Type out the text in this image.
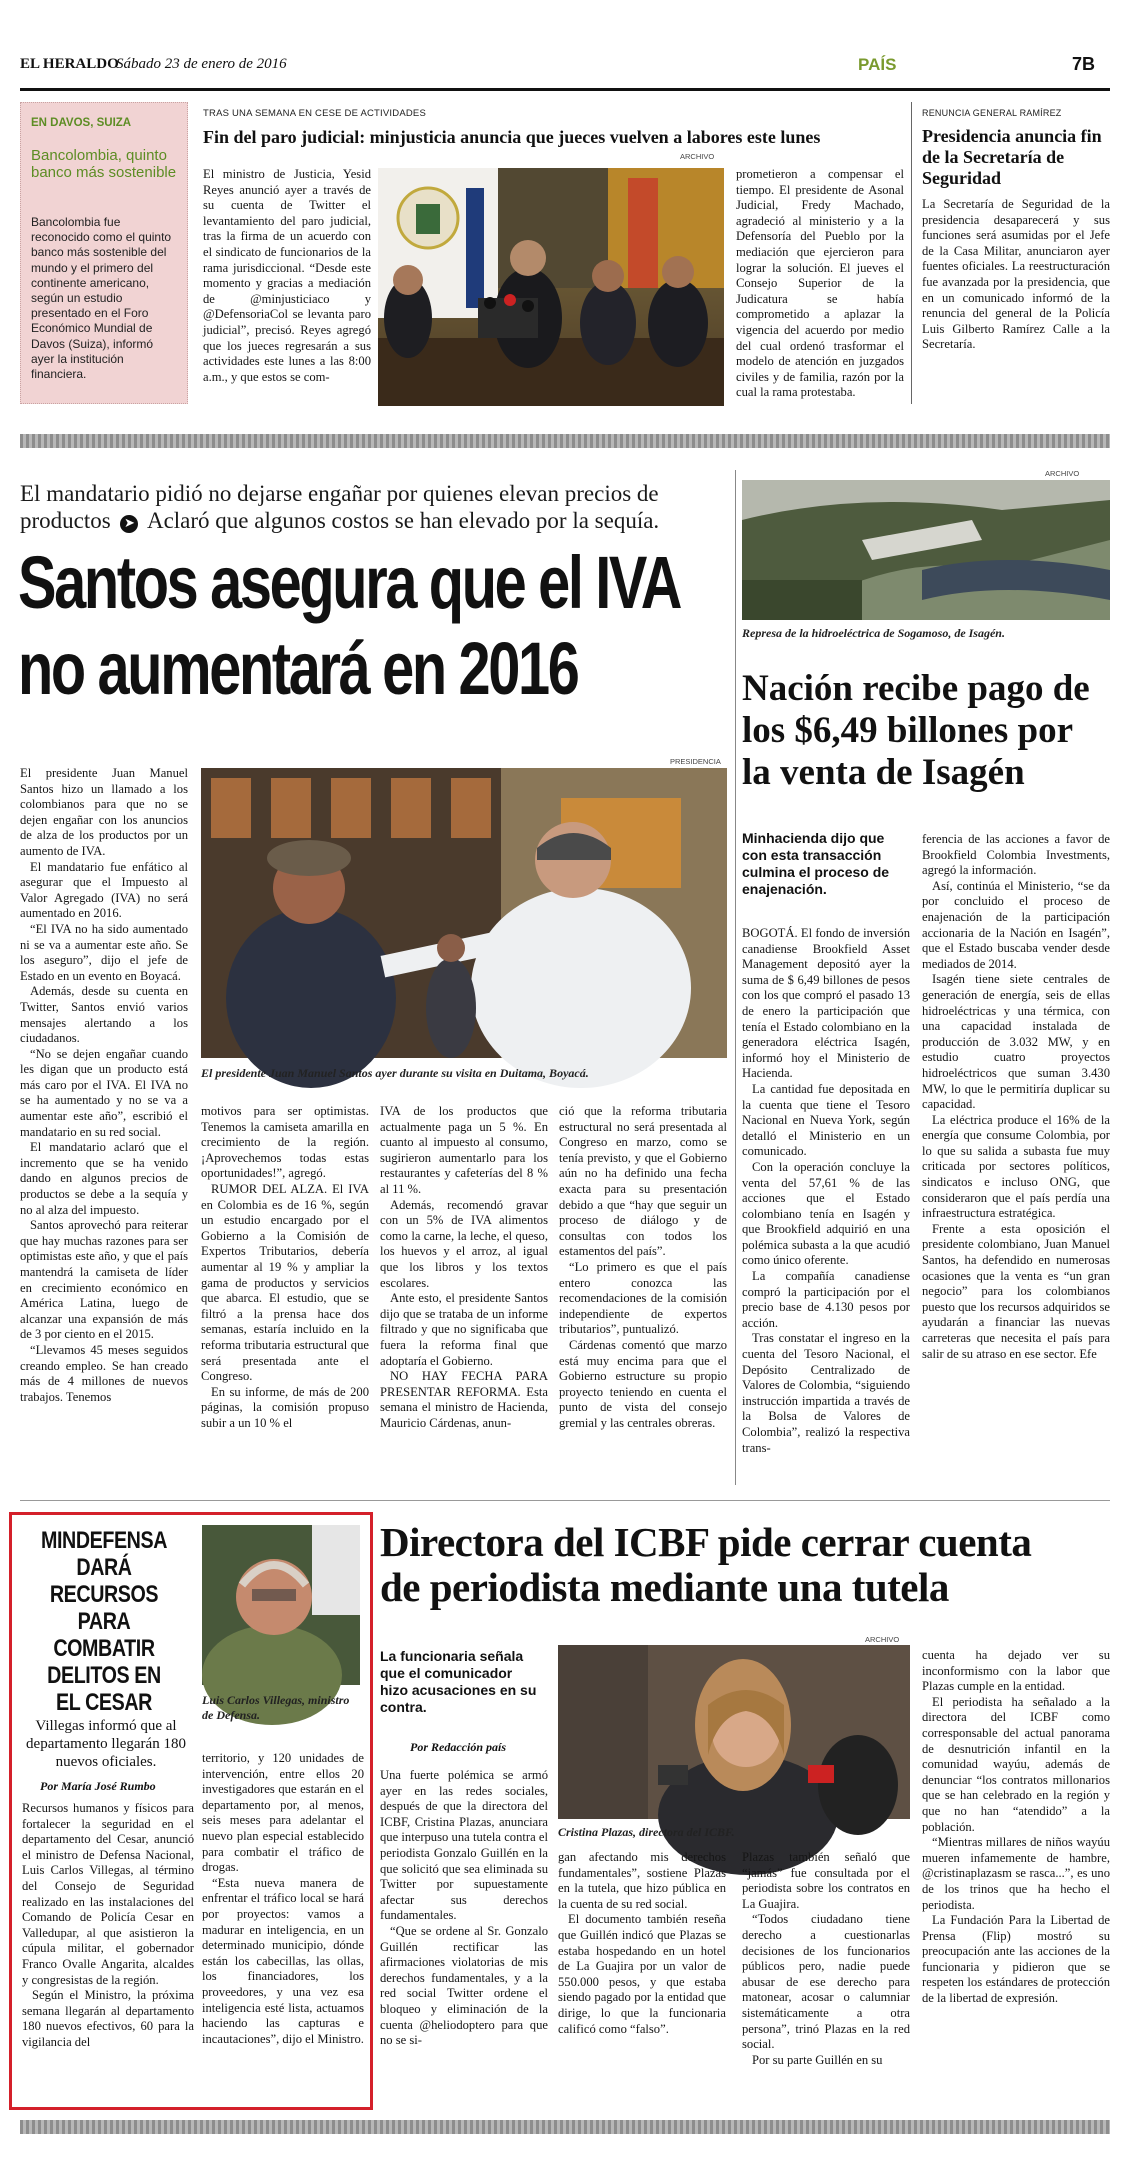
EL HERALDO
Sábado 23 de enero de 2016	PAÍS	7B
EN DAVOS, SUIZA
Bancolombia, quinto banco más sostenible
Bancolombia fue reconocido como el quinto banco más sostenible del mundo y el primero del continente americano, según un estudio presentado en el Foro Económico Mundial de Davos (Suiza), informó ayer la institución financiera.
TRAS UNA SEMANA EN CESE DE ACTIVIDADES
Fin del paro judicial: minjusticia anuncia que jueces vuelven a labores este lunes
ARCHIVO

El ministro de Justicia, Yesid Reyes anunció ayer a través de su cuenta de Twitter el levantamiento del paro judicial, tras la firma de un acuerdo con el sindicato de funcionarios de la rama jurisdiccional. “Desde este momento y gracias a mediación de @minjusticiaco y @DefensoriaCol se levanta paro judicial”, precisó. Reyes agregó que los jueces regresarán a sus actividades este lunes a las 8:00 a.m., y que estos se com-

prometieron a compensar el tiempo. El presidente de Asonal Judicial, Fredy Machado, agradeció al ministerio y a la Defensoría del Pueblo por la mediación que ejercieron para lograr la solución. El jueves el Consejo Superior de la Judicatura se había comprometido a aplazar la vigencia del acuerdo por medio del cual ordenó trasformar el modelo de atención en juzgados civiles y de familia, razón por la cual la rama protestaba.

RENUNCIA GENERAL RAMÍREZ
Presidencia anuncia fin de la Secretaría de Seguridad

La Secretaría de Seguridad de la presidencia desaparecerá y sus funciones será asumidas por el Jefe de la Casa Militar, anunciaron ayer fuentes oficiales. La reestructuración fue avanzada por la presidencia, que en un comunicado informó de la renuncia del general de la Policía Luis Gilberto Ramírez Calle a la Secretaría.

El mandatario pidió no dejarse engañar por quienes elevan precios de productos ➤ Aclaró que algunos costos se han elevado por la sequía.
Santos asegura que el IVA
no aumentará en 2016

El presidente Juan Manuel Santos hizo un llamado a los colombianos para que no se dejen engañar con los anuncios de alza de los productos por un aumento de IVA.

El mandatario fue enfático al asegurar que el Impuesto al Valor Agregado (IVA) no será aumentado en 2016.

“El IVA no ha sido aumentado ni se va a aumentar este año. Se los aseguro”, dijo el jefe de Estado en un evento en Boyacá.

Además, desde su cuenta en Twitter, Santos envió varios mensajes alertando a los ciudadanos.

“No se dejen engañar cuando les digan que un producto está más caro por el IVA. El IVA no se ha aumentado y no se va a aumentar este año”, escribió el mandatario en su red social.

El mandatario aclaró que el incremento que se ha venido dando en algunos precios de productos se debe a la sequía y no al alza del impuesto.

Santos aprovechó para reiterar que hay muchas razones para ser optimistas este año, y que el país mantendrá la camiseta de líder en crecimiento económico en América Latina, luego de alcanzar una expansión de más de 3 por ciento en el 2015.

“Llevamos 45 meses seguidos creando empleo. Se han creado más de 4 millones de nuevos trabajos. Tenemos

PRESIDENCIA
El presidente Juan Manuel Santos ayer durante su visita en Duitama, Boyacá.

motivos para ser optimistas. Tenemos la camiseta amarilla en crecimiento de la región. ¡Aprovechemos todas estas oportunidades!”, agregó.

RUMOR DEL ALZA. El IVA en Colombia es de 16 %, según un estudio encargado por el Gobierno a la Comisión de Expertos Tributarios, debería aumentar al 19 % y ampliar la gama de productos y servicios que abarca. El estudio, que se filtró a la prensa hace dos semanas, estaría incluido en la reforma tributaria estructural que será presentada ante el Congreso.

En su informe, de más de 200 páginas, la comisión propuso subir a un 10 % el

IVA de los productos que actualmente paga un 5 %. En cuanto al impuesto al consumo, sugirieron aumentarlo para los restaurantes y cafeterías del 8 % al 11 %.

Además, recomendó gravar con un 5% de IVA alimentos como la carne, la leche, el queso, los huevos y el arroz, al igual que los libros y los textos escolares.

Ante esto, el presidente Santos dijo que se trataba de un informe filtrado y que no significaba que fuera la reforma final que adoptaría el Gobierno.

NO HAY FECHA PARA PRESENTAR REFORMA. Esta semana el ministro de Hacienda, Mauricio Cárdenas, anun-

ció que la reforma tributaria estructural no será presentada al Congreso en marzo, como se tenía previsto, y que el Gobierno aún no ha definido una fecha exacta para su presentación debido a que “hay que seguir un proceso de diálogo y de consultas con todos los estamentos del país”.

“Lo primero es que el país entero conozca las recomendaciones de la comisión independiente de expertos tributarios”, puntualizó.

Cárdenas comentó que marzo está muy encima para que el Gobierno estructure su propio proyecto teniendo en cuenta el punto de vista del consejo gremial y las centrales obreras.

ARCHIVO
Represa de la hidroeléctrica de Sogamoso, de Isagén.
Nación recibe pago de los $6,49 billones por la venta de Isagén
Minhacienda dijo que con esta transacción culmina el proceso de enajenación.

BOGOTÁ. El fondo de inversión canadiense Brookfield Asset Management depositó ayer la suma de $ 6,49 billones de pesos con los que compró el pasado 13 de enero la participación que tenía el Estado colombiano en la generadora eléctrica Isagén, informó hoy el Ministerio de Hacienda.

La cantidad fue depositada en la cuenta que tiene el Tesoro Nacional en Nueva York, según detalló el Ministerio en un comunicado.

Con la operación concluye la venta del 57,61 % de las acciones que el Estado colombiano tenía en Isagén y que Brookfield adquirió en una polémica subasta a la que acudió como único oferente.

La compañía canadiense compró la participación por el precio base de 4.130 pesos por acción.

Tras constatar el ingreso en la cuenta del Tesoro Nacional, el Depósito Centralizado de Valores de Colombia, “siguiendo instrucción impartida a través de la Bolsa de Valores de Colombia”, realizó la respectiva trans-

ferencia de las acciones a favor de Brookfield Colombia Investments, agregó la información.

Así, continúa el Ministerio, “se da por concluido el proceso de enajenación de la participación accionaria de la Nación en Isagén”, que el Estado buscaba vender desde mediados de 2014.

Isagén tiene siete centrales de generación de energía, seis de ellas hidroeléctricas y una térmica, con una capacidad instalada de producción de 3.032 MW, y en estudio cuatro proyectos hidroeléctricos que suman 3.430 MW, lo que le permitiría duplicar su capacidad.

La eléctrica produce el 16% de la energía que consume Colombia, por lo que su salida a subasta fue muy criticada por sectores políticos, sindicatos e incluso ONG, que consideraron que el país perdía una infraestructura estratégica.

Frente a esta oposición el presidente colombiano, Juan Manuel Santos, ha defendido en numerosas ocasiones que la venta es “un gran negocio” para los colombianos puesto que los recursos adquiridos se ayudarán a financiar las nuevas carreteras que necesita el país para salir de su atraso en ese sector. Efe

MINDEFENSA DARÁ RECURSOS PARA COMBATIR DELITOS EN EL CESAR
Villegas informó que al departamento llegarán 180 nuevos oficiales.
Por María José Rumbo
Luis Carlos Villegas, ministro de Defensa.

Recursos humanos y físicos para fortalecer la seguridad en el departamento del Cesar, anunció el ministro de Defensa Nacional, Luis Carlos Villegas, al término del Consejo de Seguridad realizado en las instalaciones del Comando de Policía Cesar en Valledupar, al que asistieron la cúpula militar, el gobernador Franco Ovalle Angarita, alcaldes y congresistas de la región.

Según el Ministro, la próxima semana llegarán al departamento 180 nuevos efectivos, 60 para la vigilancia del

territorio, y 120 unidades de intervención, entre ellos 20 investigadores que estarán en el departamento por, al menos, seis meses para adelantar el nuevo plan especial establecido para combatir el tráfico de drogas.

“Esta nueva manera de enfrentar el tráfico local se hará por proyectos: vamos a madurar en inteligencia, en un determinado municipio, dónde están los cabecillas, las ollas, los financiadores, los proveedores, y una vez esa inteligencia esté lista, actuamos haciendo las capturas e incautaciones”, dijo el Ministro.

Directora del ICBF pide cerrar cuenta
de periodista mediante una tutela
La funcionaria señala que el comunicador hizo acusaciones en su contra.
Por Redacción país
ARCHIVO
Cristina Plazas, directora del ICBF.

Una fuerte polémica se armó ayer en las redes sociales, después de que la directora del ICBF, Cristina Plazas, anunciara que interpuso una tutela contra el periodista Gonzalo Guillén en la que solicitó que sea eliminada su Twitter por supuestamente afectar sus derechos fundamentales.

“Que se ordene al Sr. Gonzalo Guillén rectificar las afirmaciones violatorias de mis derechos fundamentales, y a la red social Twitter ordene el bloqueo y eliminación de la cuenta @heliodoptero para que no se si-

gan afectando mis derechos fundamentales”, sostiene Plazas en la tutela, que hizo pública en la cuenta de su red social.

El documento también reseña que Guillén indicó que Plazas se estaba hospedando en un hotel de La Guajira por un valor de 550.000 pesos, y que estaba siendo pagado por la entidad que dirige, lo que la funcionaria calificó como “falso”.

Plazas también señaló que “jamás” fue consultada por el periodista sobre los contratos en La Guajira.

“Todos ciudadano tiene derecho a cuestionarlas decisiones de los funcionarios públicos pero, nadie puede abusar de ese derecho para matonear, acosar o calumniar sistemáticamente a otra persona”, trinó Plazas en la red social.

Por su parte Guillén en su

cuenta ha dejado ver su inconformismo con la labor que Plazas cumple en la entidad.

El periodista ha señalado a la directora del ICBF como corresponsable del actual panorama de desnutrición infantil en la comunidad wayúu, además de denunciar “los contratos millonarios que se han celebrado en la región y que no han “atendido” a la población.

“Mientras millares de niños wayúu mueren infamemente de hambre, @cristinaplazasm se rasca...”, es uno de los trinos que ha hecho el periodista.

La Fundación Para la Libertad de Prensa (Flip) mostró su preocupación ante las acciones de la funcionaria y pidieron que se respeten los estándares de protección de la libertad de expresión.
